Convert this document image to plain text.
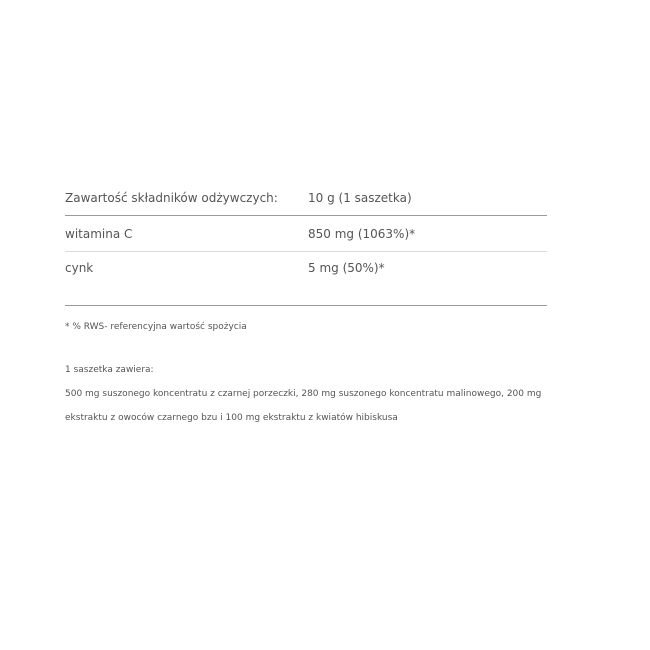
Zawartość składników odżywczych:	10 g (1 saszetka)
witamina C	850 mg (1063%)*
cynk	5 mg (50%)*
* % RWS- referencyjna wartość spożycia
1 saszetka zawiera:
500 mg suszonego koncentratu z czarnej porzeczki, 280 mg suszonego koncentratu malinowego, 200 mg ekstraktu z owoców czarnego bzu i 100 mg ekstraktu z kwiatów hibiskusa
